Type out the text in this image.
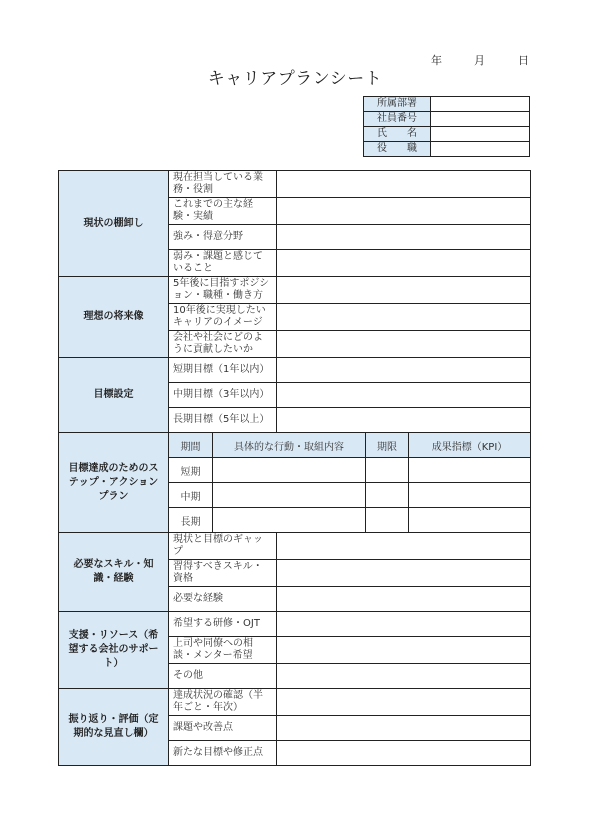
年	月	日
キャリアプランシート
所属部署	
社員番号	
氏　　名	
役　　職	
現状の棚卸し	現在担当している業務・役割				
	これまでの主な経験・実績				
	強み・得意分野				
	弱み・課題と感じていること				
理想の将来像	5年後に目指すポジション・職種・働き方				
	10年後に実現したいキャリアのイメージ				
	会社や社会にどのように貢献したいか				
目標設定	短期目標（1年以内）				
	中期目標（3年以内）				
	長期目標（5年以上）				
目標達成のためのステップ・アクションプラン	期間	具体的な行動・取組内容		期限	成果指標（KPI）
	短期				
	中期				
	長期				
必要なスキル・知識・経験	現状と目標のギャップ				
	習得すべきスキル・資格				
	必要な経験				
支援・リソース（希望する会社のサポート）	希望する研修・OJT				
	上司や同僚への相談・メンター希望				
	その他				
振り返り・評価（定期的な見直し欄）	達成状況の確認（半年ごと・年次）				
	課題や改善点				
	新たな目標や修正点				
